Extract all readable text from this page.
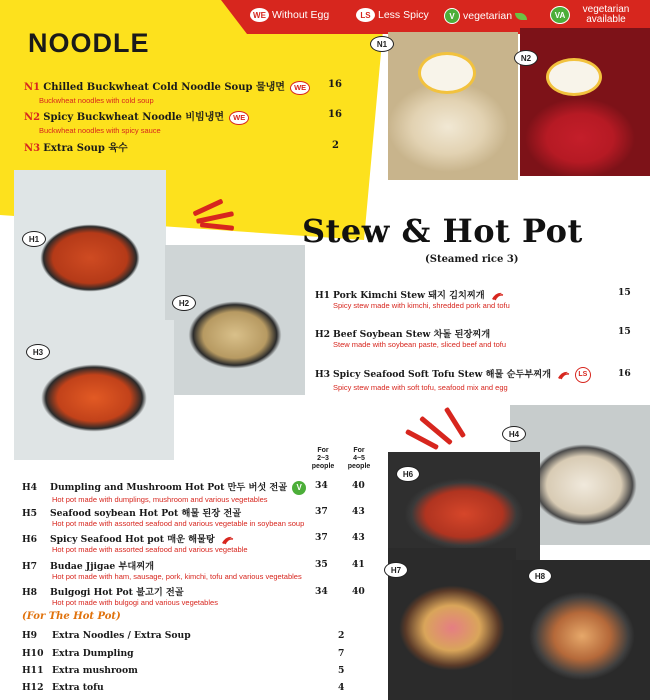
WE Without Egg	LS Less Spicy	V vegetarian	VA	vegetarian available
NOODLE
N1 Chilled Buckwheat Cold Noodle Soup 물냉면 WE
Buckwheat noodles with cold soup
16
N2 Spicy Buckwheat Noodle 비빔냉면 WE
Buckwheat noodles with spicy sauce
16
N3 Extra Soup 육수	2
N1
N2
H1
H2
H3
Stew & Hot Pot
(Steamed rice 3)
H1 Pork Kimchi Stew 돼지 김치찌개
Spicy stew made with kimchi, shredded pork and tofu
15
H2 Beef Soybean Stew 차돌 된장찌개
Stew made with soybean paste, sliced beef and tofu
15
H3 Spicy Seafood Soft Tofu Stew 해물 순두부찌개	LS
Spicy stew made with soft tofu, seafood mix and egg
16
H4
H6
H7
H8
For
2~3
people
For
4~5
people
H4 Dumpling and Mushroom Hot Pot 만두 버섯 전골 V
Hot pot made with dumplings, mushroom and various vegetables
34	40
H5 Seafood soybean Hot Pot 해물 된장 전골
Hot pot made with assorted seafood and various vegetable in soybean soup
37	43
H6 Spicy Seafood Hot pot 매운 해물탕
Hot pot made with assorted seafood and various vegetable
37	43
H7 Budae Jjigae 부대찌개
Hot pot made with ham, sausage, pork, kimchi, tofu and various vegetables
35	41
H8 Bulgogi Hot Pot 불고기 전골
Hot pot made with bulgogi and various vegetables
34	40
(For The Hot Pot)
H9 Extra Noodles / Extra Soup	2
H10 Extra Dumpling	7
H11 Extra mushroom	5
H12 Extra tofu	4
